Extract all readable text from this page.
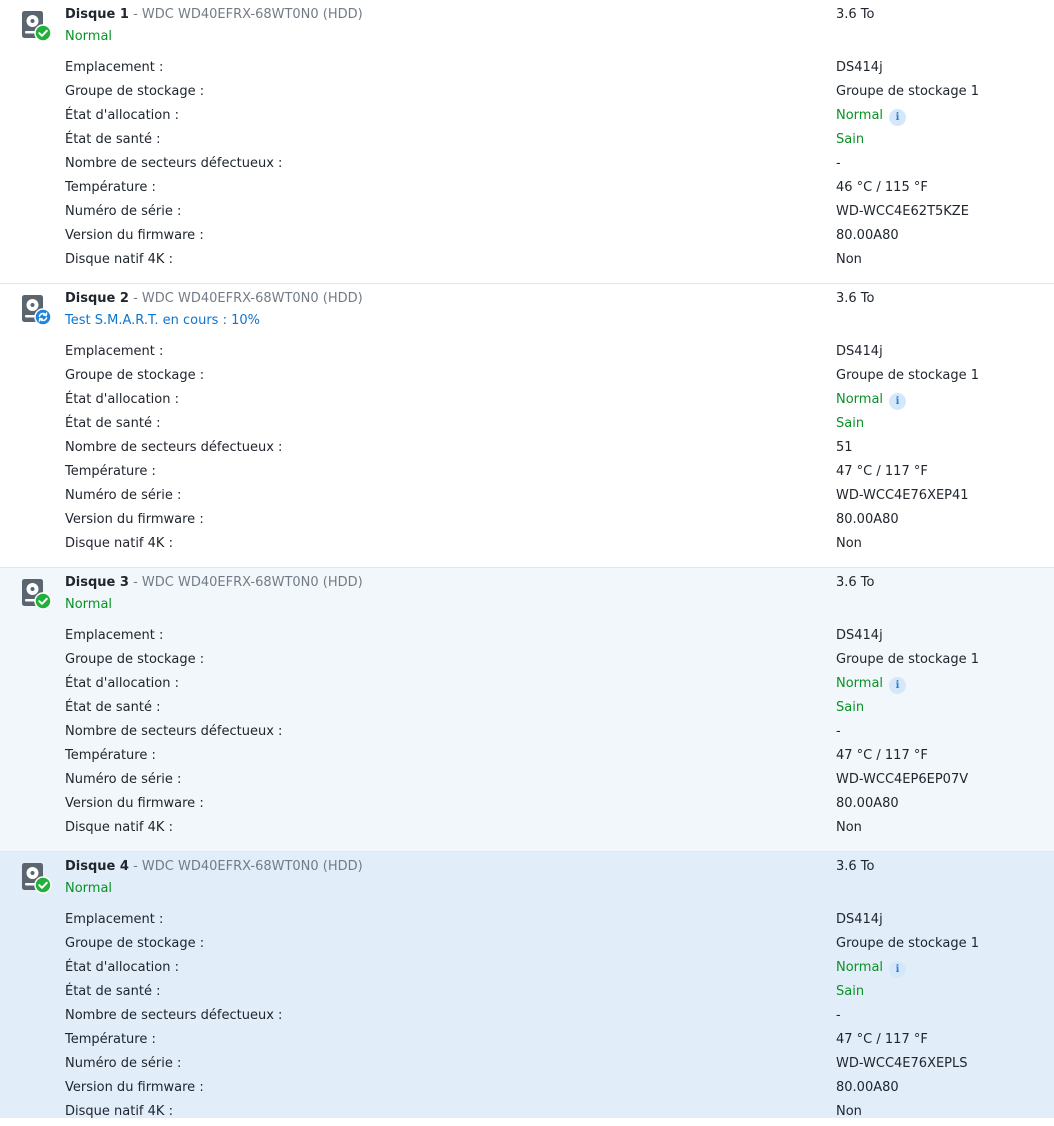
Disque 1 - WDC WD40EFRX-68WT0N0 (HDD)
Normal
3.6 To
Emplacement :	DS414j
Groupe de stockage :	Groupe de stockage 1
État d'allocation :	Normal i
État de santé :	Sain
Nombre de secteurs défectueux :	-
Température :	46 °C / 115 °F
Numéro de série :	WD-WCC4E62T5KZE
Version du firmware :	80.00A80
Disque natif 4K :	Non
Disque 2 - WDC WD40EFRX-68WT0N0 (HDD)
Test S.M.A.R.T. en cours : 10%
3.6 To
Emplacement :	DS414j
Groupe de stockage :	Groupe de stockage 1
État d'allocation :	Normal i
État de santé :	Sain
Nombre de secteurs défectueux :	51
Température :	47 °C / 117 °F
Numéro de série :	WD-WCC4E76XEP41
Version du firmware :	80.00A80
Disque natif 4K :	Non
Disque 3 - WDC WD40EFRX-68WT0N0 (HDD)
Normal
3.6 To
Emplacement :	DS414j
Groupe de stockage :	Groupe de stockage 1
État d'allocation :	Normal i
État de santé :	Sain
Nombre de secteurs défectueux :	-
Température :	47 °C / 117 °F
Numéro de série :	WD-WCC4EP6EP07V
Version du firmware :	80.00A80
Disque natif 4K :	Non
Disque 4 - WDC WD40EFRX-68WT0N0 (HDD)
Normal
3.6 To
Emplacement :	DS414j
Groupe de stockage :	Groupe de stockage 1
État d'allocation :	Normal i
État de santé :	Sain
Nombre de secteurs défectueux :	-
Température :	47 °C / 117 °F
Numéro de série :	WD-WCC4E76XEPLS
Version du firmware :	80.00A80
Disque natif 4K :	Non
